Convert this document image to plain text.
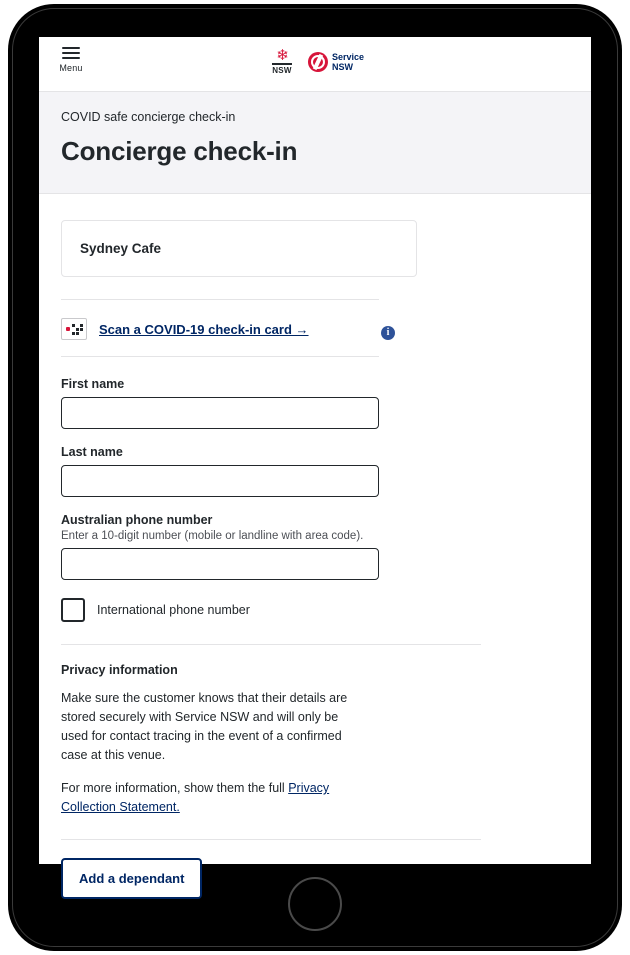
Menu
❄
NSW
Service
NSW
COVID safe concierge check-in
Concierge check-in
Sydney Cafe
Scan a COVID-19 check-in card →	i
First name
Last name
Australian phone number
Enter a 10-digit number (mobile or landline with area code).
International phone number
Privacy information
Make sure the customer knows that their details are stored securely with Service NSW and will only be used for contact tracing in the event of a confirmed case at this venue.
For more information, show them the full Privacy Collection Statement.
Add a dependant
